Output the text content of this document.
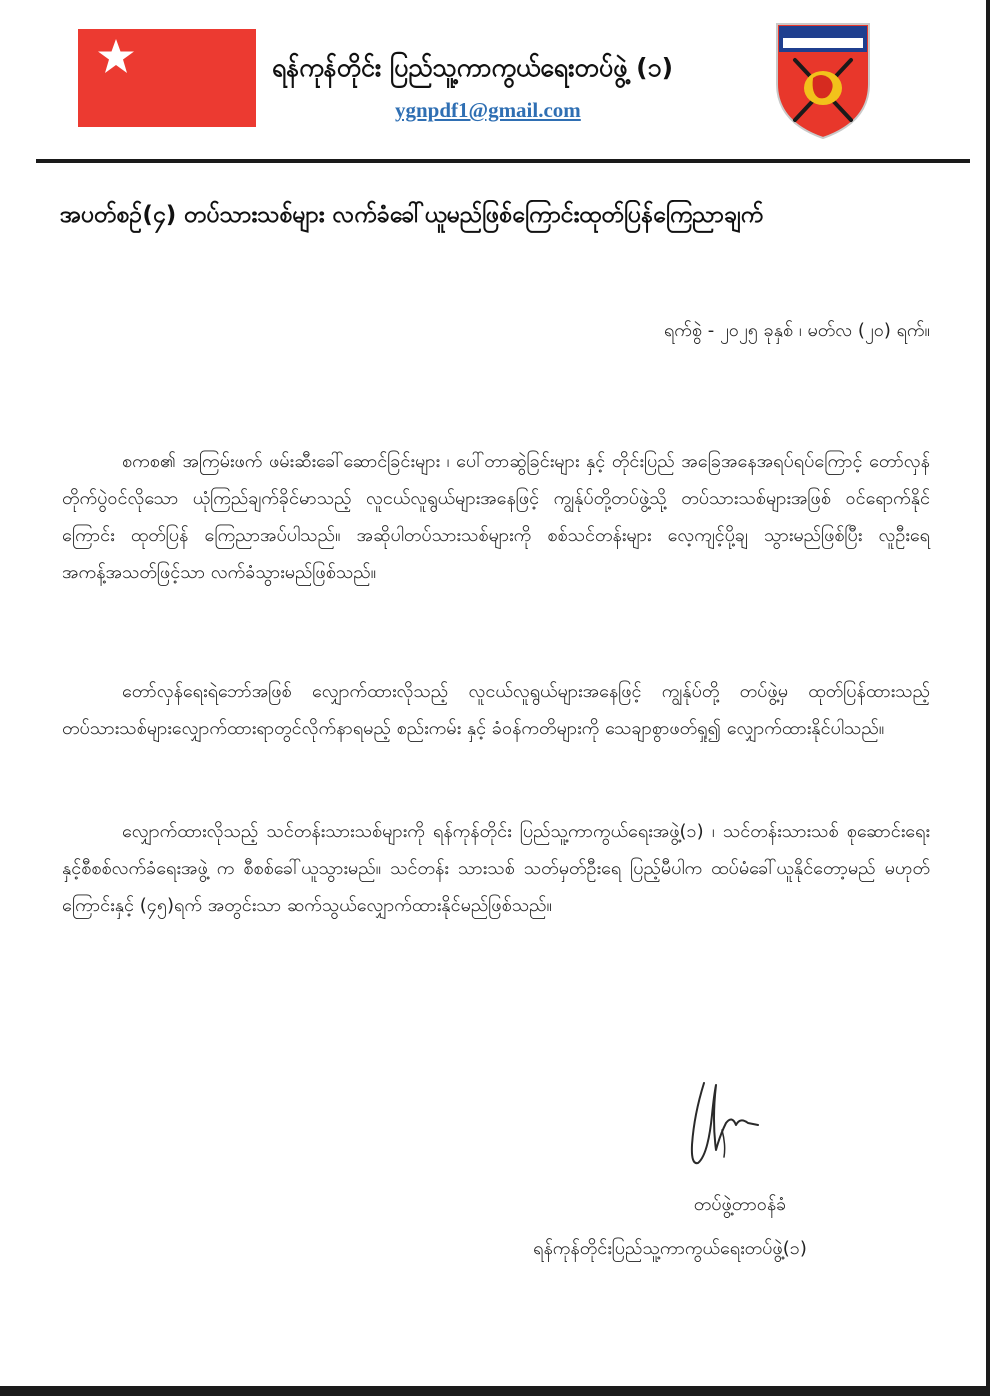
ရန်ကုန်တိုင်း ပြည်သူ့ကာကွယ်ရေးတပ်ဖွဲ့ (၁)
ygnpdf1@gmail.com
အပတ်စဉ်(၄) တပ်သားသစ်များ လက်ခံခေါ်ယူမည်ဖြစ်ကြောင်းထုတ်ပြန်ကြေညာချက်
ရက်စွဲ - ၂၀၂၅ ခုနှစ် ၊ မတ်လ (၂၀) ရက်။

စကစ၏ အကြမ်းဖက် ဖမ်းဆီးခေါ်ဆောင်ခြင်းများ ၊ ပေါ်တာဆွဲခြင်းများ နှင့် တိုင်းပြည် အခြေအနေအရပ်ရပ်ကြောင့် တော်လှန်တိုက်ပွဲဝင်လိုသော ယုံကြည်ချက်ခိုင်မာသည့် လူငယ်လူရွယ်များအနေဖြင့် ကျွန်ုပ်တို့တပ်ဖွဲ့သို့ တပ်သားသစ်များအဖြစ် ဝင်ရောက်နိုင်ကြောင်း ထုတ်ပြန် ကြေညာအပ်ပါသည်။ အဆိုပါတပ်သားသစ်များကို စစ်သင်တန်းများ လေ့ကျင့်ပို့ချ သွားမည်ဖြစ်ပြီး လူဦးရေအကန့်အသတ်ဖြင့်သာ လက်ခံသွားမည်ဖြစ်သည်။

တော်လှန်ရေးရဲဘော်အဖြစ် လျှောက်ထားလိုသည့် လူငယ်လူရွယ်များအနေဖြင့် ကျွန်ုပ်တို့ တပ်ဖွဲ့မှ ထုတ်ပြန်ထားသည့် တပ်သားသစ်များလျှောက်ထားရာတွင်လိုက်နာရမည့် စည်းကမ်း နှင့် ခံဝန်ကတိများကို သေချာစွာဖတ်ရှု၍ လျှောက်ထားနိုင်ပါသည်။

လျှောက်ထားလိုသည့် သင်တန်းသားသစ်များကို ရန်ကုန်တိုင်း ပြည်သူ့ကာကွယ်ရေးအဖွဲ့(၁) ၊ သင်တန်းသားသစ် စုဆောင်းရေးနှင့်စီစစ်လက်ခံရေးအဖွဲ့ က စီစစ်ခေါ်ယူသွားမည်။ သင်တန်း သားသစ် သတ်မှတ်ဦးရေ ပြည့်မီပါက ထပ်မံခေါ်ယူနိုင်တော့မည် မဟုတ်ကြောင်းနှင့် (၄၅)ရက် အတွင်းသာ ဆက်သွယ်လျှောက်ထားနိုင်မည်ဖြစ်သည်။

တပ်ဖွဲ့တာဝန်ခံ
ရန်ကုန်တိုင်းပြည်သူ့ကာကွယ်ရေးတပ်ဖွဲ့(၁)
